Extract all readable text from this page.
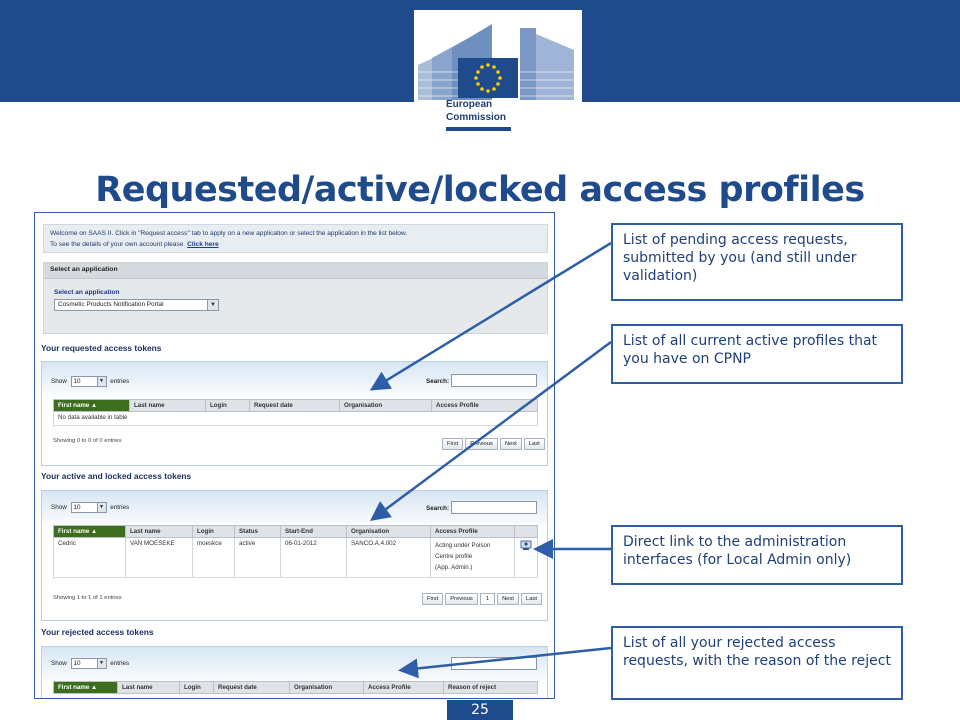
European
Commission
Requested/active/locked access profiles
Welcome on SAAS II. Click in "Request access" tab to apply on a new application or select the application in the list below.
To see the details of your own account please Click here
Select an application
Select an application
Cosmetic Products Notification Portal	▼
Your requested access tokens
Show 10	▼ entries	Search:
First name ▲	Last name	Login	Request date	Organisation	Access Profile
No data available in table
Showing 0 to 0 of 0 entries	First Previous Next Last
Your active and locked access tokens
Show 10	▼ entries	Search:
First name ▲	Last name	Login	Status	Start-End	Organisation	Access Profile	
Cedric	VAN MOESEKE	moeskce	active	06-01-2012	SANCO.A.4.002	Acting under Poison
Centre profile
(App. Admin.)

Showing 1 to 1 of 1 entries	First Previous 1 Next Last
Your rejected access tokens
Show 10	▼ entries
First name ▲	Last name	Login	Request date	Organisation	Access Profile	Reason of reject
List of pending access requests, submitted by you (and still under validation)
List of all current active profiles that you have on CPNP
Direct link to the administration interfaces (for Local Admin only)
List of all your rejected access requests, with the reason of the reject
25
